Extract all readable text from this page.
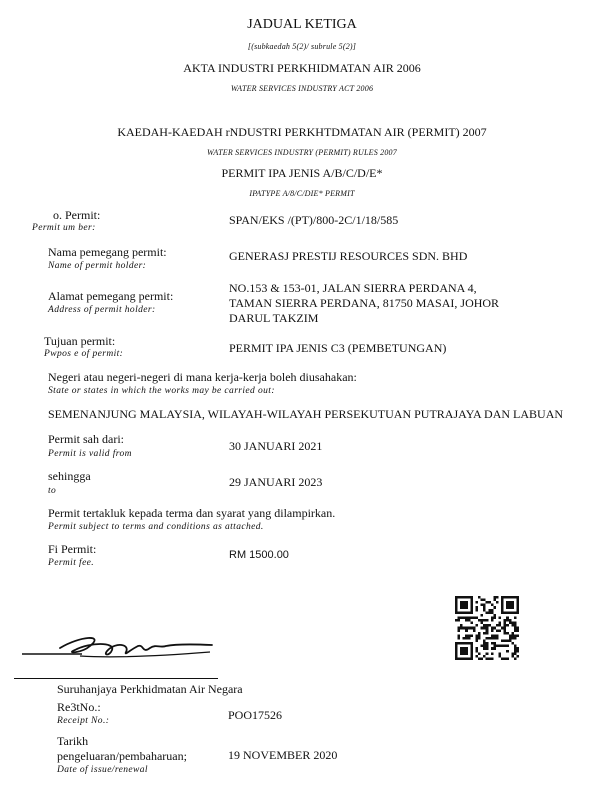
JADUAL KETIGA
[(subkaedah 5(2)/ subrule 5(2)]
AKTA INDUSTRI PERKHIDMATAN AIR 2006
WATER SERVICES INDUSTRY ACT 2006
KAEDAH-KAEDAH rNDUSTRI PERKHTDMATAN AIR (PERMIT) 2007
WATER SERVICES INDUSTRY (PERMIT) RULES 2007
PERMIT IPA JENIS A/B/C/D/E*
IPATYPE A/8/C/DIE* PERMIT
o. Permit:
Permit um ber:
SPAN/EKS /(PT)/800-2C/1/18/585
Nama pemegang permit:
Name of permit holder:
GENERASJ PRESTIJ RESOURCES SDN. BHD
Alamat pemegang permit:
Address of permit holder:
NO.153 & 153-01, JALAN SIERRA PERDANA 4,
TAMAN SIERRA PERDANA, 81750 MASAI, JOHOR
DARUL TAKZIM
Tujuan permit:
Pwpos e of permit:	PERMIT IPA JENIS C3 (PEMBETUNGAN)
Negeri atau negeri-negeri di mana kerja-kerja boleh diusahakan:
State or states in which the works may be carried out:
SEMENANJUNG MALAYSIA, WILAYAH-WILAYAH PERSEKUTUAN PUTRAJAYA DAN LABUAN
Permit sah dari:
Permit is valid from
30 JANUARI 2021
sehingga
to
29 JANUARI 2023
Permit tertakluk kepada terma dan syarat yang dilampirkan.
Permit subject to terms and conditions as attached.
Fi Permit:
Permit fee.
RM 1500.00
Suruhanjaya Perkhidmatan Air Negara
Re3tNo.:
Receipt No.:	POO17526
Tarikh
pengeluaran/pembaharuan;
Date of issue/renewal
19 NOVEMBER 2020
